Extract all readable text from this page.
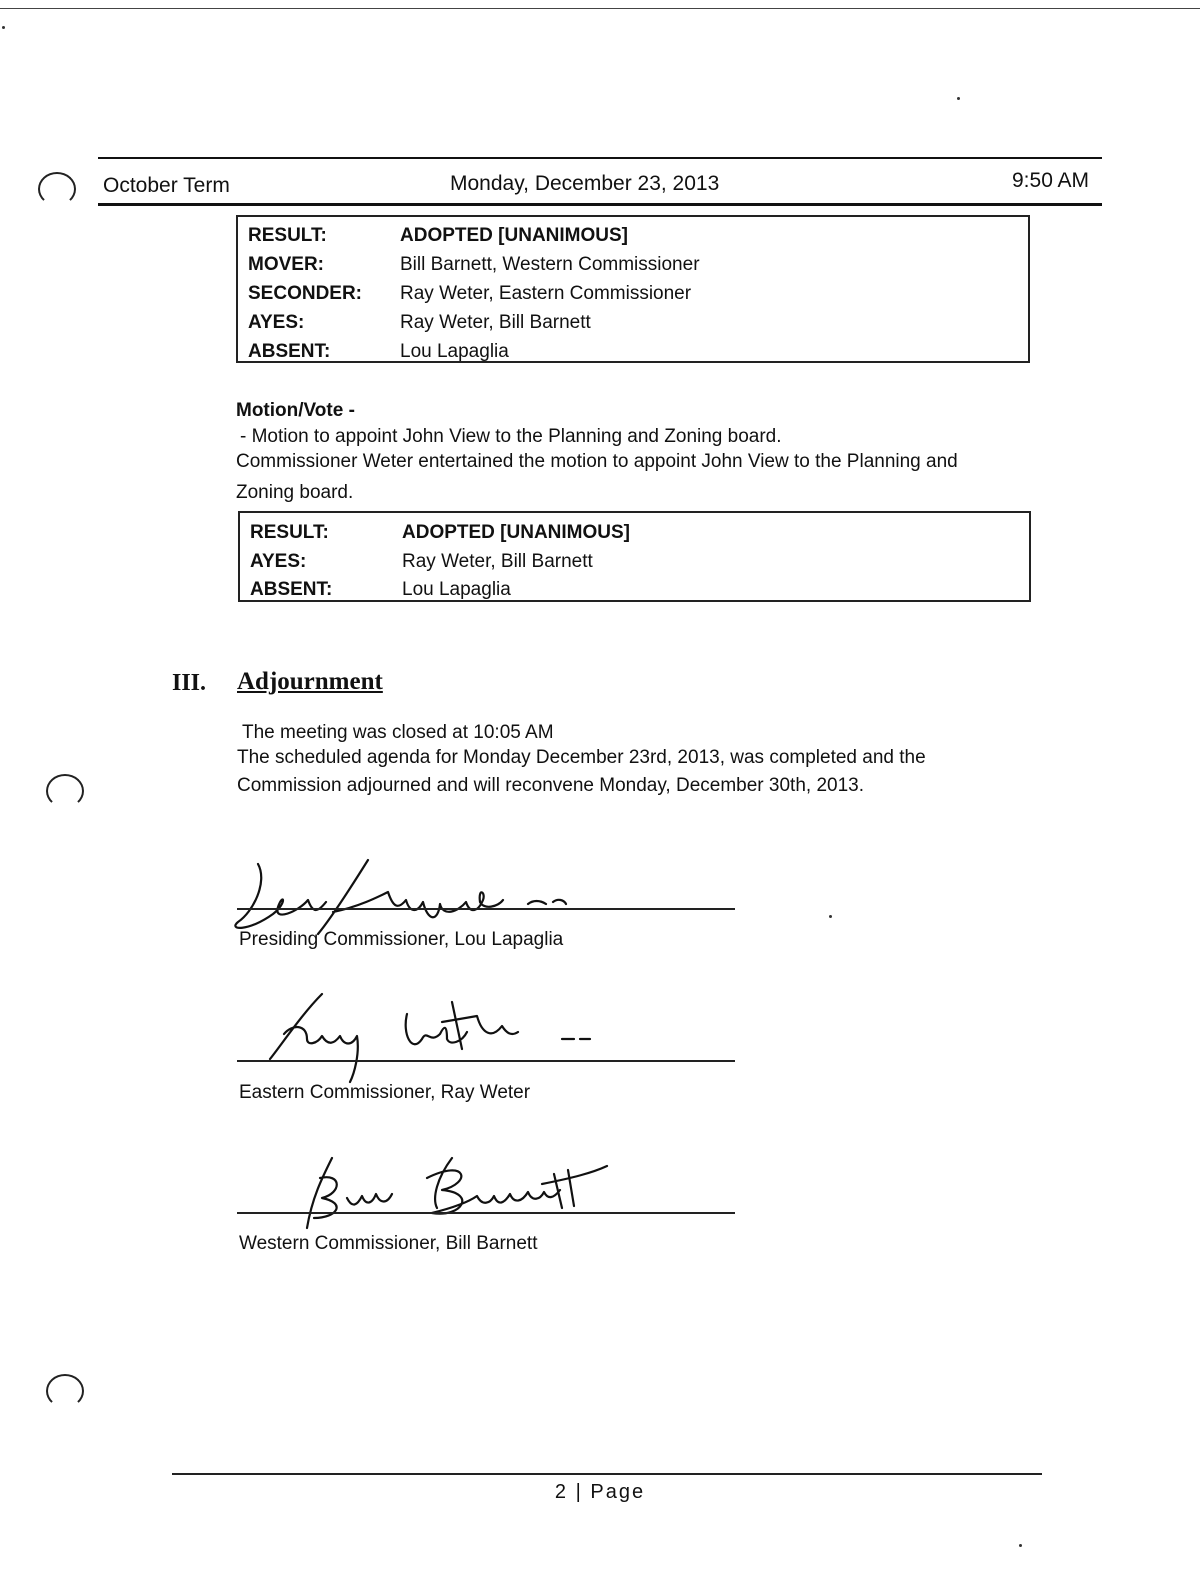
October Term	Monday, December 23, 2013	9:50 AM
RESULT:	ADOPTED [UNANIMOUS]
MOVER:	Bill Barnett, Western Commissioner
SECONDER: Ray Weter, Eastern Commissioner
AYES:	Ray Weter, Bill Barnett
ABSENT:	Lou Lapaglia
Motion/Vote -
- Motion to appoint John View to the Planning and Zoning board.
Commissioner Weter entertained the motion to appoint John View to the Planning and
Zoning board.
RESULT:	ADOPTED [UNANIMOUS]
AYES:	Ray Weter, Bill Barnett
ABSENT:	Lou Lapaglia
III. Adjournment
The meeting was closed at 10:05 AM
The scheduled agenda for Monday December 23rd, 2013, was completed and the
Commission adjourned and will reconvene Monday, December 30th, 2013.
Presiding Commissioner, Lou Lapaglia
Eastern Commissioner, Ray Weter
Western Commissioner, Bill Barnett
2 | Page
